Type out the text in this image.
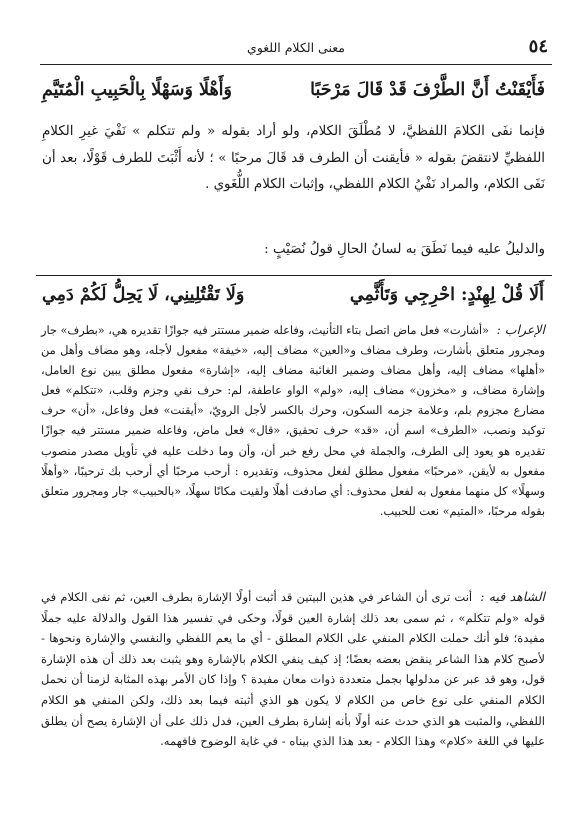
٥٤
معنى الكلام اللغوي
فَأَيْقَنْتُ أَنَّ الطَّرْفَ قَدْ قَالَ مَرْحَبًا
وَأَهْلًا وَسَهْلًا بِالْحَبِيبِ الْمُتَيَّمِ
فإنما نفَى الكلامَ اللفظيَّ، لا مُطْلَقَ الكلام، ولو أراد بقوله « ولم تتكلم » نَفْيَ غيرِ الكلامِ اللفظيِّ لانتقضَ بقوله « فأيقنت أن الطرف قد قَالَ مرحبًا » ؛ لأنه أَثْبَتَ للطرف قَوْلًا، بعد أن نَفَى الكلام، والمراد نَفْيُ الكلام اللفظي، وإثبات الكلام اللُّغَوي .
والدليلُ عليه فيما نَطَقَ به لسانُ الحالِ قولُ نُصَيْبٍ :
أَلَا قُلْ لِهِنْدٍ: احْرِجِي وَتَأَثَّمِي
وَلَا تَقْتُلِينِي، لَا يَحِلُّ لَكُمْ دَمِي
الإعراب : «أشارت» فعل ماض اتصل بتاء التأنيث، وفاعله ضمير مستتر فيه جوازًا تقديره هي، «بطرف» جار ومجرور متعلق بأشارت، وطرف مضاف و«العين» مضاف إليه، «خيفة» مفعول لأجله، وهو مضاف وأهل من «أهلها» مضاف إليه، وأهل مضاف وضمير الغائبة مضاف إليه، «إشارة» مفعول مطلق يبين نوع العامل، وإشارة مضاف، و «مخزون» مضاف إليه، «ولم» الواو عاطفة، لم: حرف نفي وجزم وقلب، «تتكلم» فعل مضارع مجزوم بلم، وعلامة جزمه السكون، وحرك بالكسر لأجل الرويّ، «أيقنت» فعل وفاعل، «أن» حرف توكيد ونصب، «الطرف» اسم أن، «قد» حرف تحقيق، «قال» فعل ماض، وفاعله ضمير مستتر فيه جوازًا تقديره هو يعود إلى الطرف، والجملة في محل رفع خبر أن، وأن وما دخلت عليه في تأويل مصدر منصوب مفعول به لأيقن، «مرحبًا» مفعول مطلق لفعل محذوف، وتقديره : أرحب مرحبًا أي أرحب بك ترحيبًا، «وأهلًا وسهلًا» كل منهما مفعول به لفعل محذوف: أي صادفت أهلًا ولقيت مكانًا سهلًا، «بالحبيب» جار ومجرور متعلق بقوله مرحبًا، «المتيم» نعت للحبيب.
الشاهد فيه : أنت ترى أن الشاعر في هذين البيتين قد أثبت أولًا الإشارة بطرف العين، ثم نفى الكلام في قوله «ولم تتكلم» ، ثم سمى بعد ذلك إشارة العين قولًا، وحكى في تفسير هذا القول والدلالة عليه جملًا مفيدة؛ فلو أنك حملت الكلام المنفي على الكلام المطلق - أي ما يعم اللفظي والنفسي والإشارة ونحوها - لأصبح كلام هذا الشاعر ينقض بعضه بعضًا؛ إذ كيف ينفي الكلام بالإشارة وهو يثبت بعد ذلك أن هذه الإشارة قول، وهو قد عبر عن مدلولها بجمل متعددة ذوات معان مفيدة ؟ وإذا كان الأمر بهذه المثابة لزمنا أن نحمل الكلام المنفي على نوع خاص من الكلام لا يكون هو الذي أثبته فيما بعد ذلك، ولكن المنفي هو الكلام اللفظي، والمثبت هو الذي حدث عنه أولًا بأنه إشارة بطرف العين، فدل ذلك على أن الإشارة يصح أن يطلق عليها في اللغة «كلام» وهذا الكلام - بعد هذا الذي بيناه - في غاية الوضوح فافهمه.
